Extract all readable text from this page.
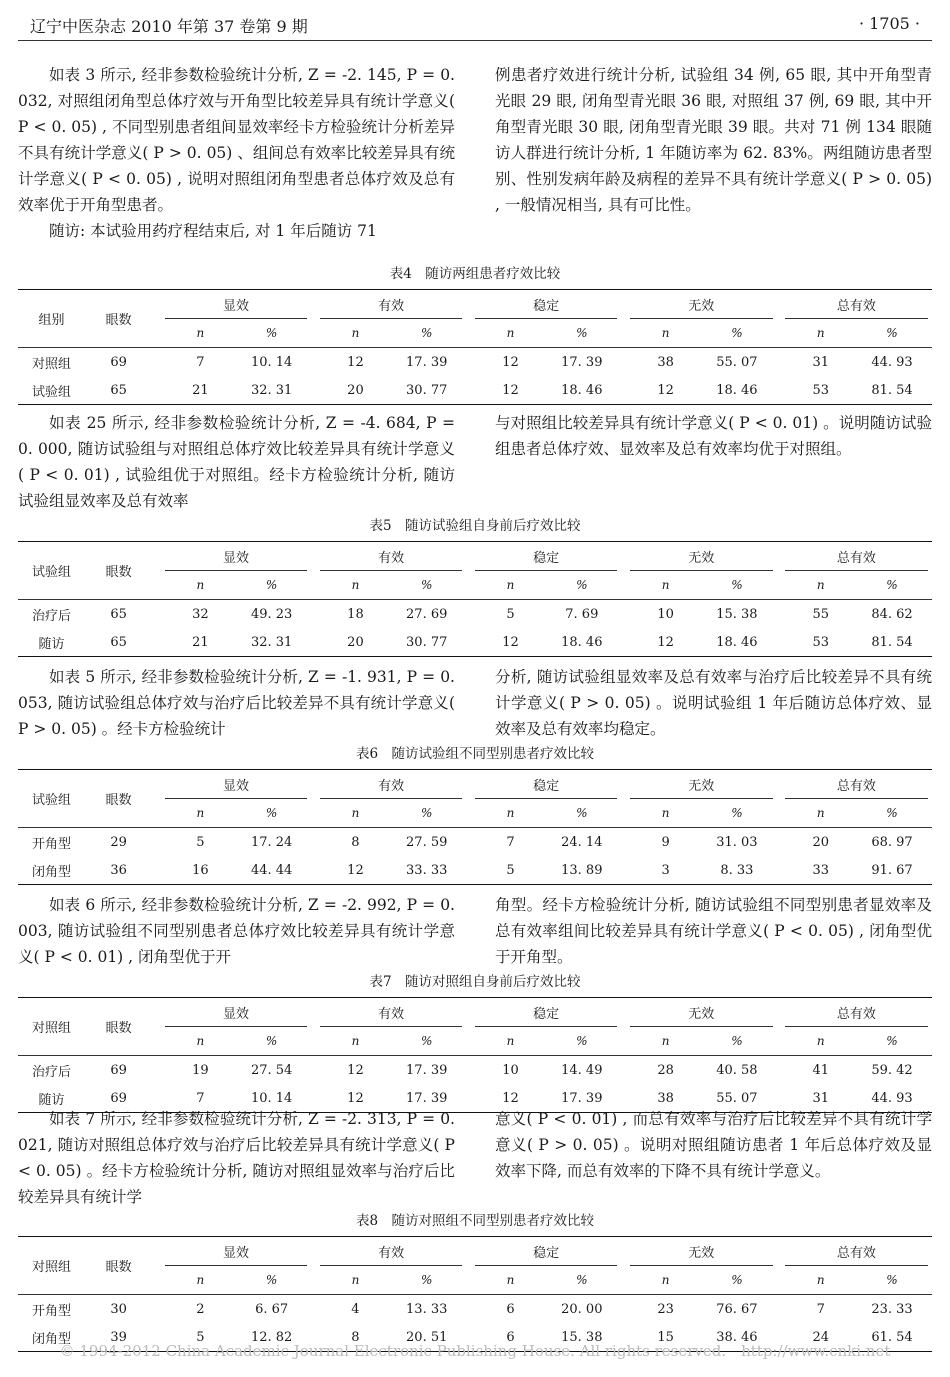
辽宁中医杂志 2010 年第 37 卷第 9 期	· 1705 ·

如表 3 所示, 经非参数检验统计分析, Z = -2. 145, P = 0. 032, 对照组闭角型总体疗效与开角型比较差异具有统计学意义( P < 0. 05) , 不同型别患者组间显效率经卡方检验统计分析差异不具有统计学意义( P > 0. 05) 、组间总有效率比较差异具有统计学意义( P < 0. 05) , 说明对照组闭角型患者总体疗效及总有效率优于开角型患者。

随访: 本试验用药疗程结束后, 对 1 年后随访 71

例患者疗效进行统计分析, 试验组 34 例, 65 眼, 其中开角型青光眼 29 眼, 闭角型青光眼 36 眼, 对照组 37 例, 69 眼, 其中开角型青光眼 30 眼, 闭角型青光眼 39 眼。共对 71 例 134 眼随访人群进行统计分析, 1 年随访率为 62. 83%。两组随访患者型别、性别发病年龄及病程的差异不具有统计学意义( P > 0. 05) , 一般情况相当, 具有可比性。

表4　随访两组患者疗效比较
组别	眼数		显效			有效			稳定			无效			总有效		
			n	%		n	%		n	%		n	%		n	%	
对照组	69		7	10. 14		12	17. 39		12	17. 39		38	55. 07		31	44. 93	
试验组	65		21	32. 31		20	30. 77		12	18. 46		12	18. 46		53	81. 54	

如表 25 所示, 经非参数检验统计分析, Z = -4. 684, P = 0. 000, 随访试验组与对照组总体疗效比较差异具有统计学意义( P < 0. 01) , 试验组优于对照组。经卡方检验统计分析, 随访试验组显效率及总有效率

与对照组比较差异具有统计学意义( P < 0. 01) 。说明随访试验组患者总体疗效、显效率及总有效率均优于对照组。

表5　随访试验组自身前后疗效比较
试验组	眼数		显效			有效			稳定			无效			总有效		
			n	%		n	%		n	%		n	%		n	%	
治疗后	65		32	49. 23		18	27. 69		5	7. 69		10	15. 38		55	84. 62	
随访	65		21	32. 31		20	30. 77		12	18. 46		12	18. 46		53	81. 54	

如表 5 所示, 经非参数检验统计分析, Z = -1. 931, P = 0. 053, 随访试验组总体疗效与治疗后比较差异不具有统计学意义( P > 0. 05) 。经卡方检验统计

分析, 随访试验组显效率及总有效率与治疗后比较差异不具有统计学意义( P > 0. 05) 。说明试验组 1 年后随访总体疗效、显效率及总有效率均稳定。

表6　随访试验组不同型别患者疗效比较
试验组	眼数		显效			有效			稳定			无效			总有效		
			n	%		n	%		n	%		n	%		n	%	
开角型	29		5	17. 24		8	27. 59		7	24. 14		9	31. 03		20	68. 97	
闭角型	36		16	44. 44		12	33. 33		5	13. 89		3	8. 33		33	91. 67	

如表 6 所示, 经非参数检验统计分析, Z = -2. 992, P = 0. 003, 随访试验组不同型别患者总体疗效比较差异具有统计学意义( P < 0. 01) , 闭角型优于开

角型。经卡方检验统计分析, 随访试验组不同型别患者显效率及总有效率组间比较差异具有统计学意义( P < 0. 05) , 闭角型优于开角型。

表7　随访对照组自身前后疗效比较
对照组	眼数		显效			有效			稳定			无效			总有效		
			n	%		n	%		n	%		n	%		n	%	
治疗后	69		19	27. 54		12	17. 39		10	14. 49		28	40. 58		41	59. 42	
随访	69		7	10. 14		12	17. 39		12	17. 39		38	55. 07		31	44. 93	

如表 7 所示, 经非参数检验统计分析, Z = -2. 313, P = 0. 021, 随访对照组总体疗效与治疗后比较差异具有统计学意义( P < 0. 05) 。经卡方检验统计分析, 随访对照组显效率与治疗后比较差异具有统计学

意义( P < 0. 01) , 而总有效率与治疗后比较差异不具有统计学意义( P > 0. 05) 。说明对照组随访患者 1 年后总体疗效及显效率下降, 而总有效率的下降不具有统计学意义。

表8　随访对照组不同型别患者疗效比较
对照组	眼数		显效			有效			稳定			无效			总有效		
			n	%		n	%		n	%		n	%		n	%	
开角型	30		2	6. 67		4	13. 33		6	20. 00		23	76. 67		7	23. 33	
闭角型	39		5	12. 82		8	20. 51		6	15. 38		15	38. 46		24	61. 54	
© 1994-2012 China Academic Journal Electronic Publishing House. All rights reserved.　http://www.cnki.net
